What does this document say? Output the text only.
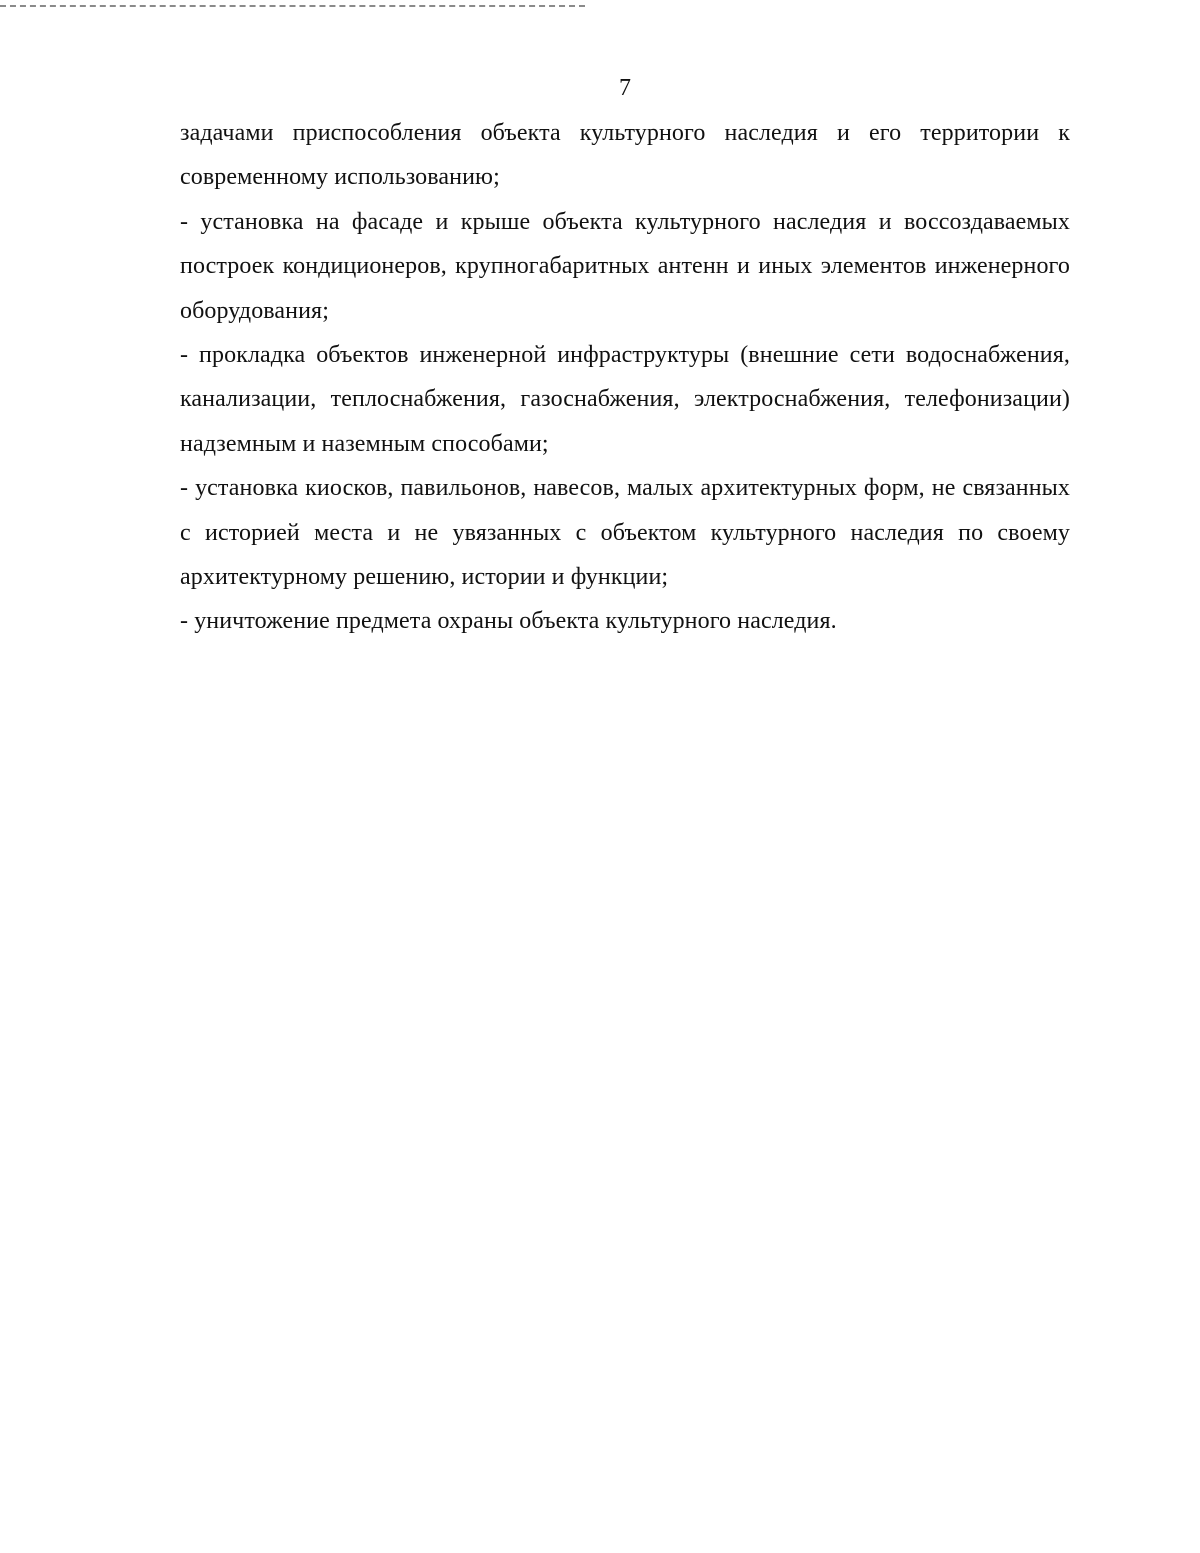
7

задачами приспособления объекта культурного наследия и его территории к современному использованию;

- установка на фасаде и крыше объекта культурного наследия и воссоздаваемых построек кондиционеров, крупногабаритных антенн и иных элементов инженерного оборудования;

- прокладка объектов инженерной инфраструктуры (внешние сети водоснабжения, канализации, теплоснабжения, газоснабжения, электроснабжения, телефонизации) надземным и наземным способами;

- установка киосков, павильонов, навесов, малых архитектурных форм, не связанных с историей места и не увязанных с объектом культурного наследия по своему архитектурному решению, истории и функции;

- уничтожение предмета охраны объекта культурного наследия.
